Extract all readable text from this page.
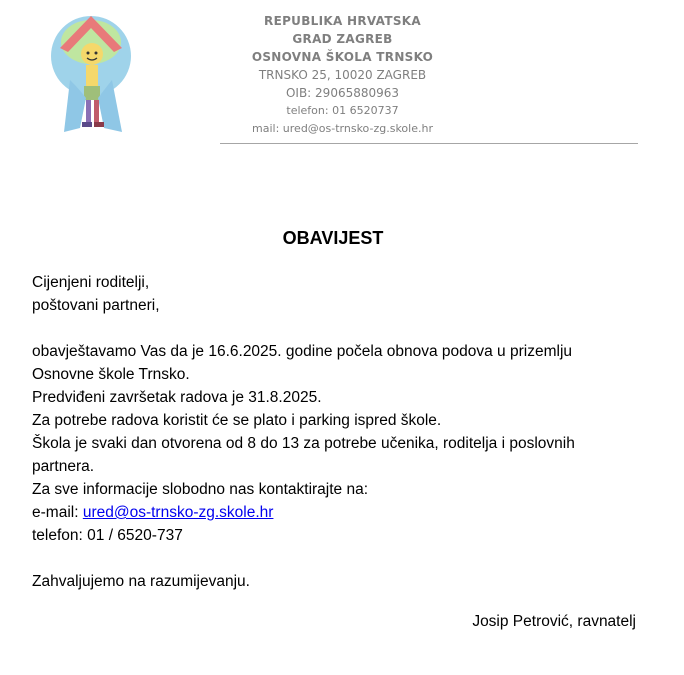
REPUBLIKA HRVATSKA
GRAD ZAGREB
OSNOVNA ŠKOLA TRNSKO
TRNSKO 25, 10020 ZAGREB
OIB: 29065880963
telefon: 01 6520737
mail: ured@os-trnsko-zg.skole.hr
OBAVIJEST

Cijenjeni roditelji,

poštovani partneri,

obavještavamo Vas da je 16.6.2025. godine počela obnova podova u prizemlju

Osnovne škole Trnsko.

Predviđeni završetak radova je 31.8.2025.

Za potrebe radova koristit će se plato i parking ispred škole.

Škola je svaki dan otvorena od 8 do 13 za potrebe učenika, roditelja i poslovnih

partnera.

Za sve informacije slobodno nas kontaktirajte na:

e-mail: ured@os-trnsko-zg.skole.hr

telefon: 01 / 6520-737

Zahvaljujemo na razumijevanju.

Josip Petrović, ravnatelj
